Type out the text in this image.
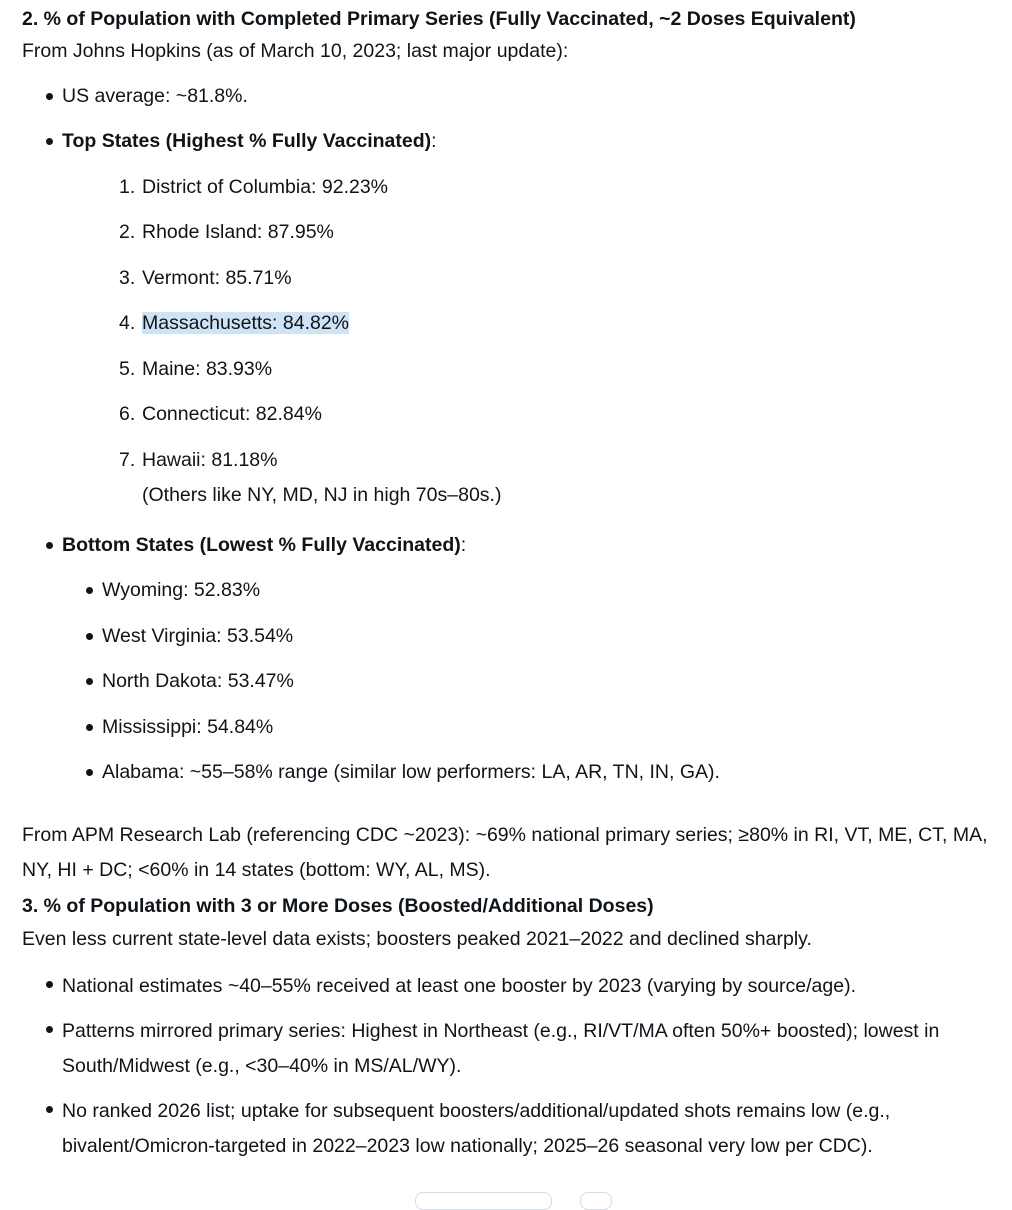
2. % of Population with Completed Primary Series (Fully Vaccinated, ~2 Doses Equivalent)

From Johns Hopkins (as of March 10, 2023; last major update):

US average: ~81.8%.
Top States (Highest % Fully Vaccinated):
1. District of Columbia: 92.23%
2. Rhode Island: 87.95%
3. Vermont: 85.71%
4. Massachusetts: 84.82%
5. Maine: 83.93%
6. Connecticut: 82.84%
7. Hawaii: 81.18%
(Others like NY, MD, NJ in high 70s–80s.)
Bottom States (Lowest % Fully Vaccinated):
Wyoming: 52.83%
West Virginia: 53.54%
North Dakota: 53.47%
Mississippi: 54.84%
Alabama: ~55–58% range (similar low performers: LA, AR, TN, IN, GA).

From APM Research Lab (referencing CDC ~2023): ~69% national primary series; ≥80% in RI, VT, ME, CT, MA, NY, HI + DC; <60% in 14 states (bottom: WY, AL, MS).

3. % of Population with 3 or More Doses (Boosted/Additional Doses)

Even less current state-level data exists; boosters peaked 2021–2022 and declined sharply.

National estimates ~40–55% received at least one booster by 2023 (varying by source/age).
Patterns mirrored primary series: Highest in Northeast (e.g., RI/VT/MA often 50%+ boosted); lowest in South/Midwest (e.g., <30–40% in MS/AL/WY).
No ranked 2026 list; uptake for subsequent boosters/additional/updated shots remains low (e.g., bivalent/Omicron-targeted in 2022–2023 low nationally; 2025–26 seasonal very low per CDC).
